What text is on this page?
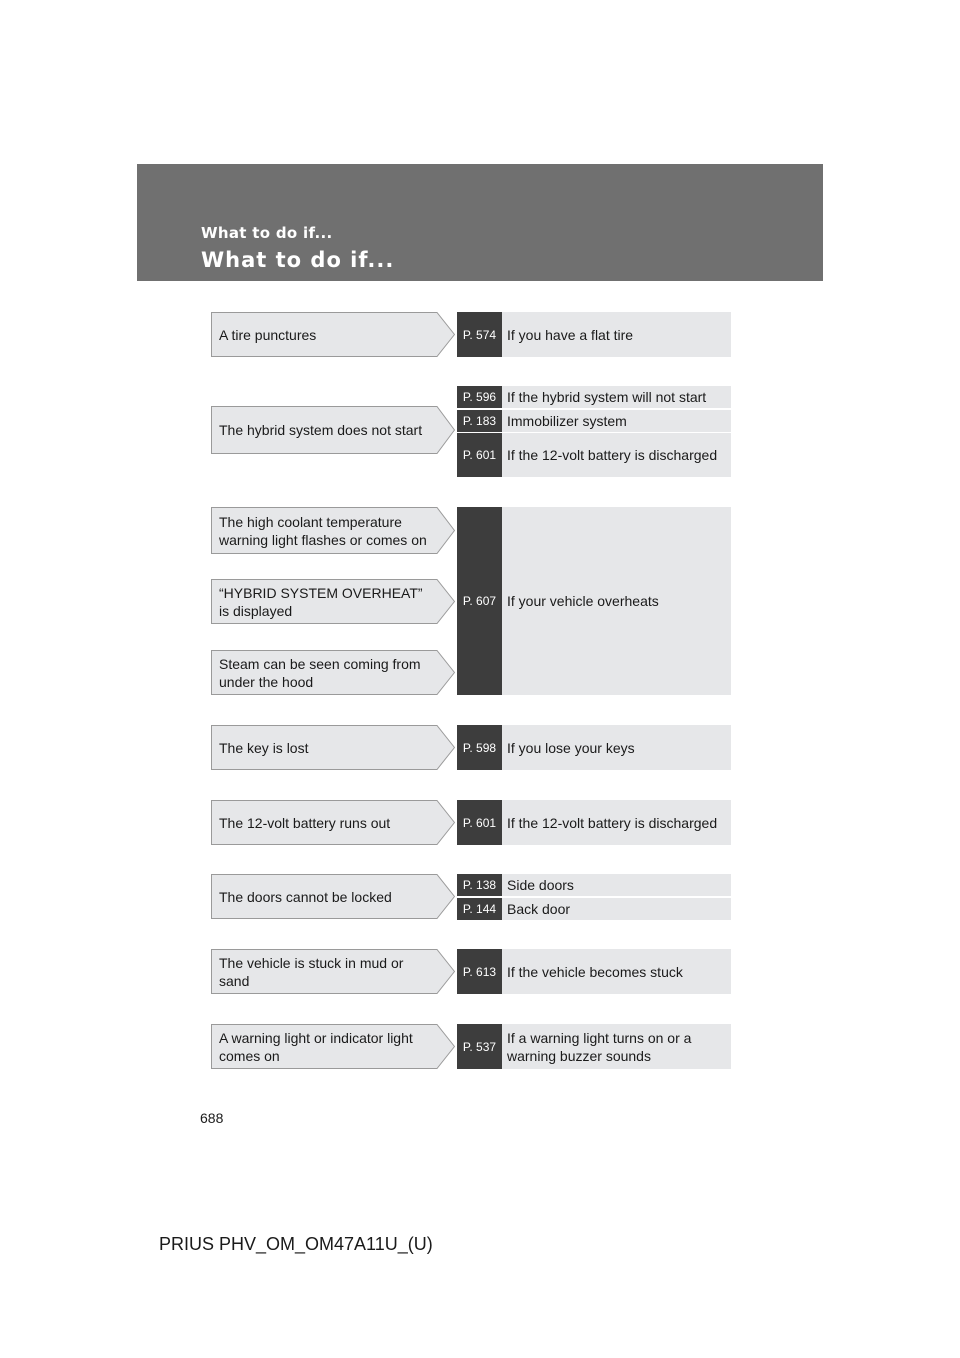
What to do if...
What to do if...
A tire punctures
The hybrid system does not start
The high coolant temperature warning light flashes or comes on
“HYBRID SYSTEM OVERHEAT” is displayed
Steam can be seen coming from under the hood
The key is lost
The 12-volt battery runs out
The doors cannot be locked
The vehicle is stuck in mud or sand
A warning light or indicator light comes on
P. 574 If you have a flat tire
P. 596 If the hybrid system will not start
P. 183 Immobilizer system
P. 601 If the 12-volt battery is discharged
P. 607 If your vehicle overheats
P. 598 If you lose your keys
P. 601 If the 12-volt battery is discharged
P. 138 Side doors
P. 144 Back door
P. 613 If the vehicle becomes stuck
P. 537
If a warning light turns on or a warning buzzer sounds
688
PRIUS PHV_OM_OM47A11U_(U)
